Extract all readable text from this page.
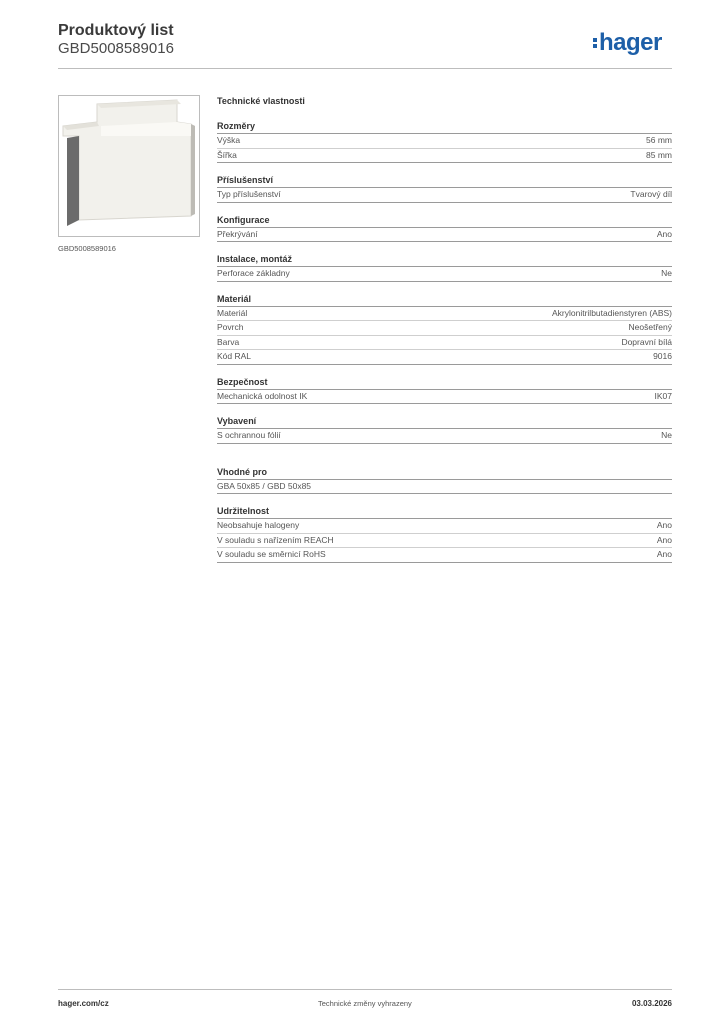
Produktový list
GBD5008589016	hager
GBD5008589016
Technické vlastnosti
Rozměry
Výška	56 mm
Šířka	85 mm
Příslušenství
Typ příslušenství	Tvarový díl
Konfigurace
Překrývání	Ano
Instalace, montáž
Perforace základny	Ne
Materiál
Materiál	Akrylonitrilbutadienstyren (ABS)
Povrch	Neošetřený
Barva	Dopravní bílá
Kód RAL	9016
Bezpečnost
Mechanická odolnost IK	IK07
Vybavení
S ochrannou fólií	Ne
Vhodné pro
GBA 50x85 / GBD 50x85
Udržitelnost
Neobsahuje halogeny	Ano
V souladu s nařízením REACH	Ano
V souladu se směrnicí RoHS	Ano
hager.com/cz	Technické změny vyhrazeny	03.03.2026
